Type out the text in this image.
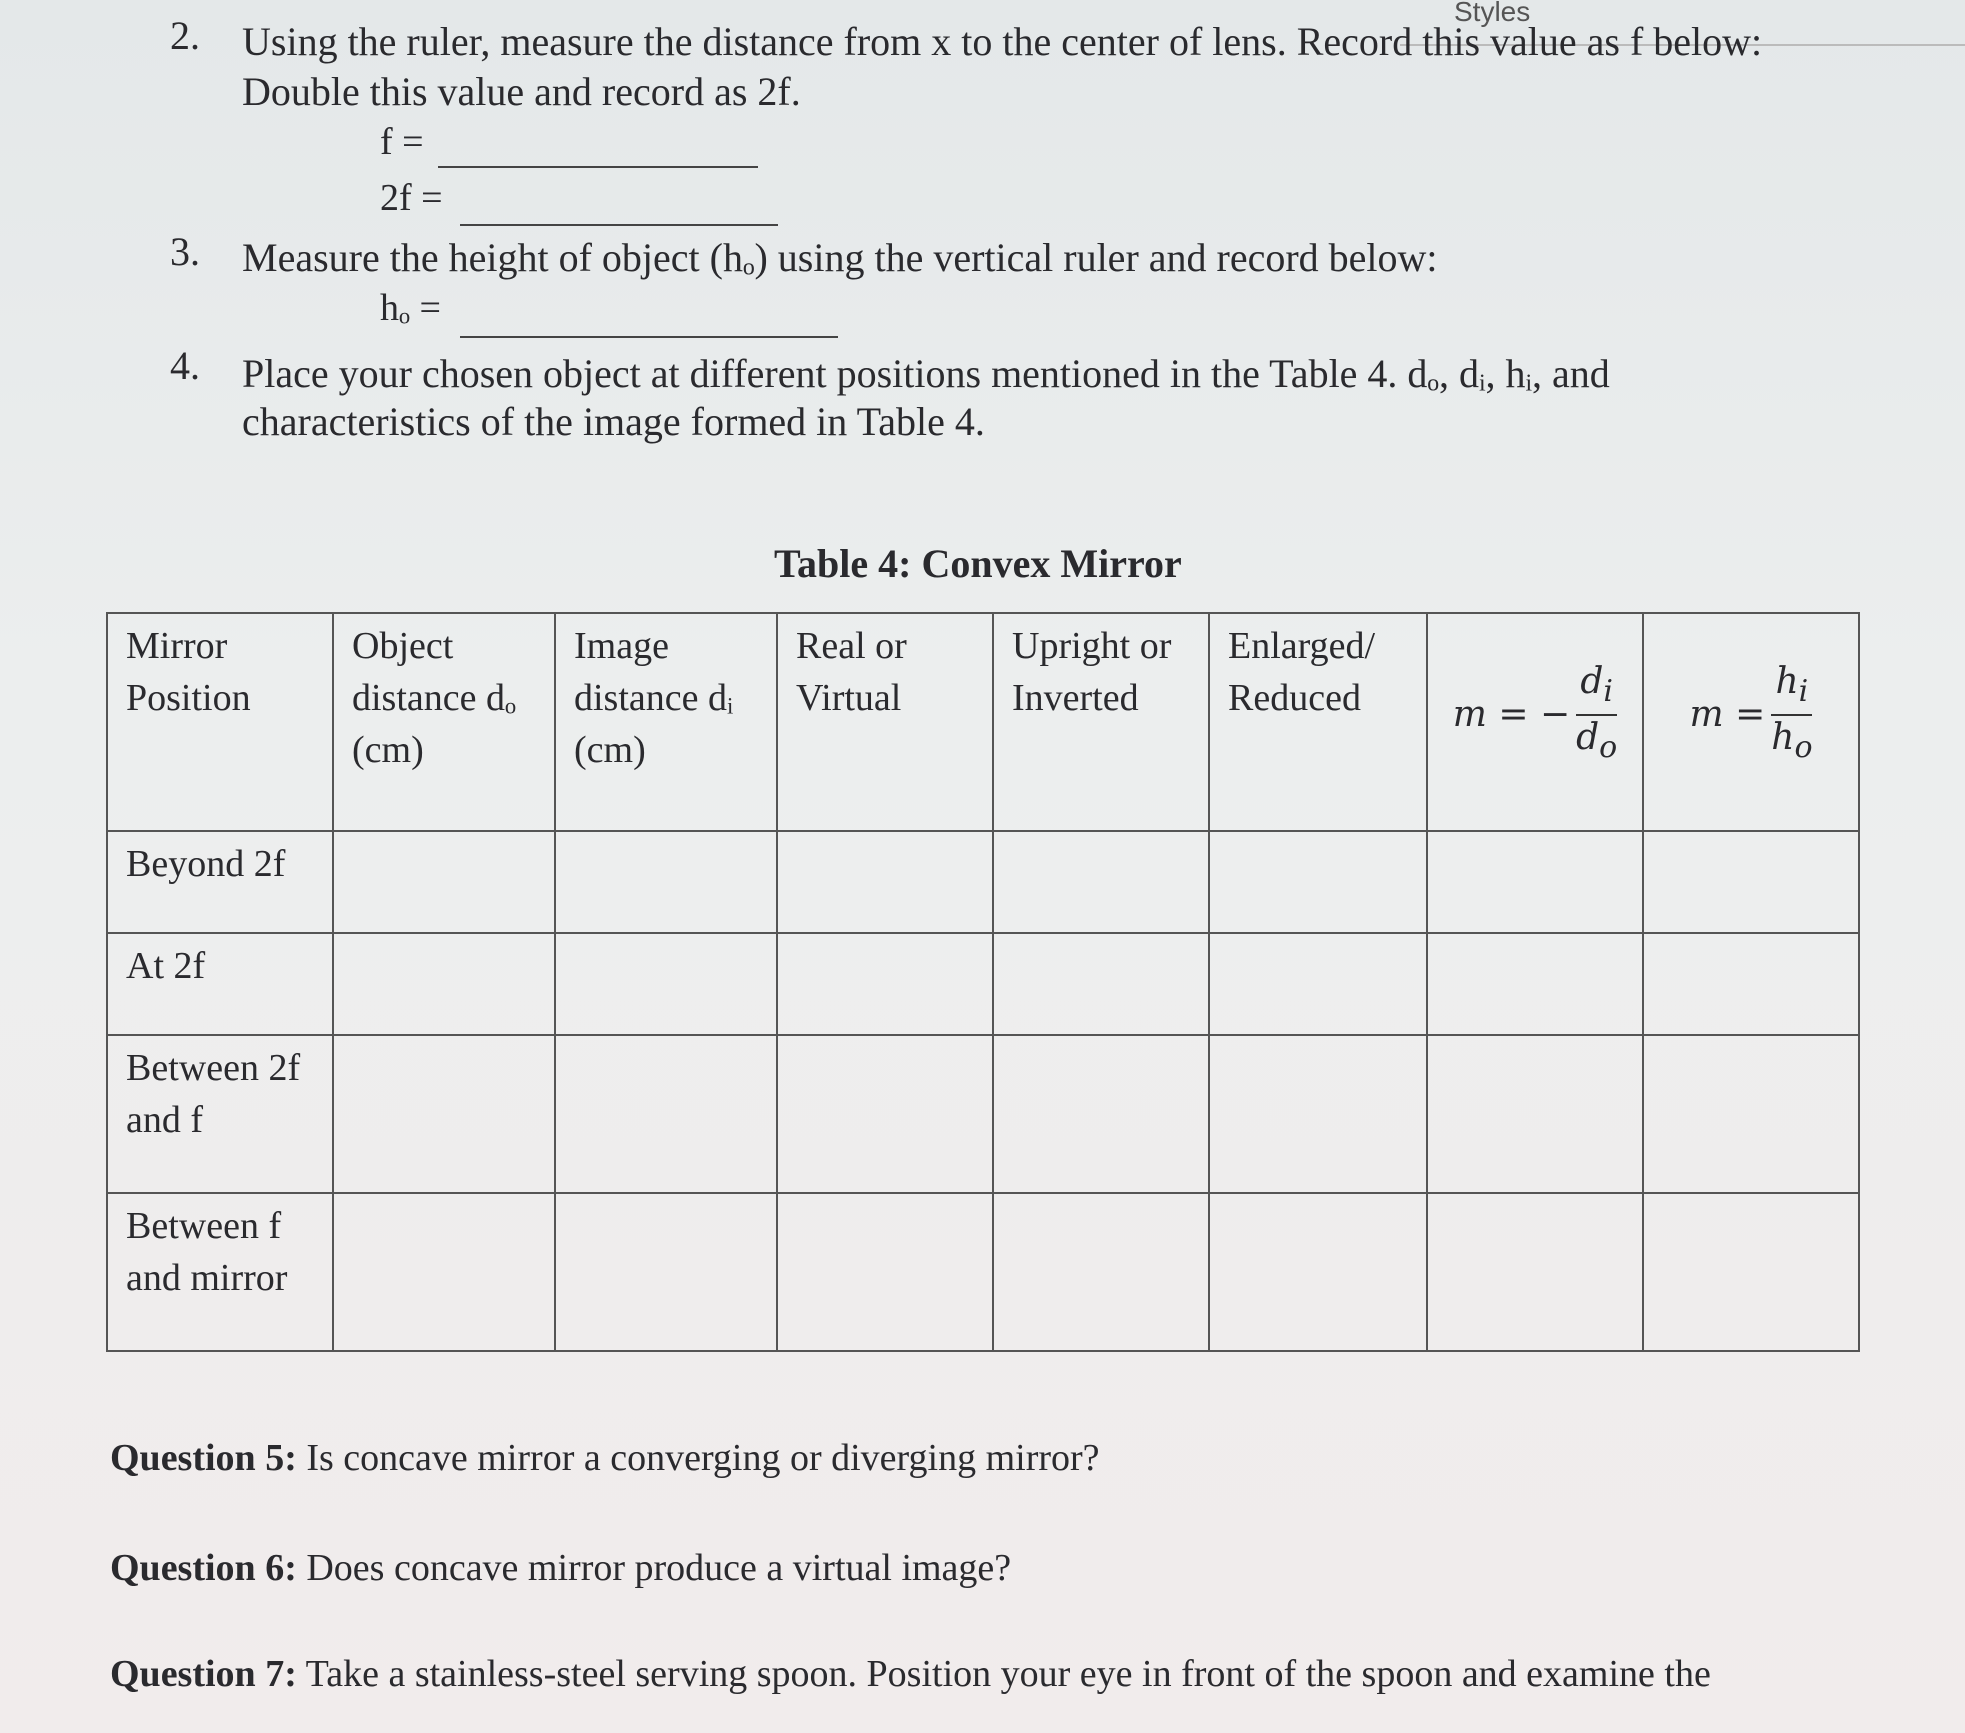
Styles
2. Using the ruler, measure the distance from x to the center of lens. Record this value as f below:
Double this value and record as 2f.
f =
2f =
3. Measure the height of object (hₒ) using the vertical ruler and record below:
hₒ =
4. Place your chosen object at different positions mentioned in the Table 4. dₒ, dᵢ, hᵢ, and
characteristics of the image formed in Table 4.
Table 4: Convex Mirror
Mirror Position	Object distance dₒ (cm)	Image distance dᵢ (cm)	Real or Virtual	Upright or Inverted	Enlarged/ Reduced	m = − $\frac{d_i}{d_o}$	$m = \frac{h_i}{h_o}$

Beyond 2f							
At 2f							
Between 2f and f							
Between f and mirror							
Question 5: Is concave mirror a converging or diverging mirror?
Question 6: Does concave mirror produce a virtual image?
Question 7: Take a stainless-steel serving spoon. Position your eye in front of the spoon and examine the
